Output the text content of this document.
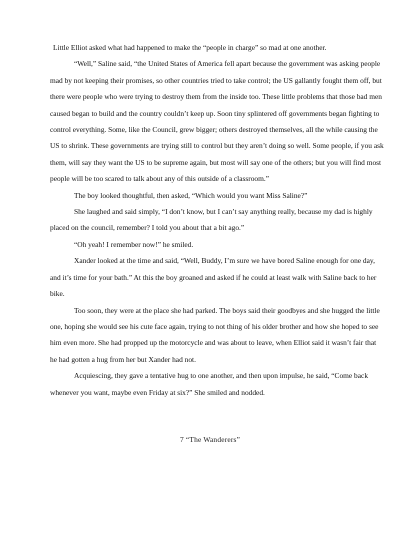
Little Elliot asked what had happened to make the “people in charge” so mad at one another.

“Well,” Saline said, “the United States of America fell apart because the government was asking people mad by not keeping their promises, so other countries tried to take control; the US gallantly fought them off, but there were people who were trying to destroy them from the inside too. These little problems that those bad men caused began to build and the country couldn’t keep up. Soon tiny splintered off governments began fighting to control everything. Some, like the Council, grew bigger; others destroyed themselves, all the while causing the US to shrink. These governments are trying still to control but they aren’t doing so well. Some people, if you ask them, will say they want the US to be supreme again, but most will say one of the others; but you will find most people will be too scared to talk about any of this outside of a classroom.”

The boy looked thoughtful, then asked, “Which would you want Miss Saline?”

She laughed and said simply, “I don’t know, but I can’t say anything really, because my dad is highly placed on the council, remember? I told you about that a bit ago.”

“Oh yeah! I remember now!” he smiled.

Xander looked at the time and said, “Well, Buddy, I’m sure we have bored Saline enough for one day, and it’s time for your bath.” At this the boy groaned and asked if he could at least walk with Saline back to her bike.

Too soon, they were at the place she had parked. The boys said their goodbyes and she hugged the little one, hoping she would see his cute face again, trying to not thing of his older brother and how she hoped to see him even more. She had propped up the motorcycle and was about to leave, when Elliot said it wasn’t fair that he had gotten a hug from her but Xander had not.

Acquiescing, they gave a tentative hug to one another, and then upon impulse, he said, “Come back whenever you want, maybe even Friday at six?” She smiled and nodded.

7 “The Wanderers”
